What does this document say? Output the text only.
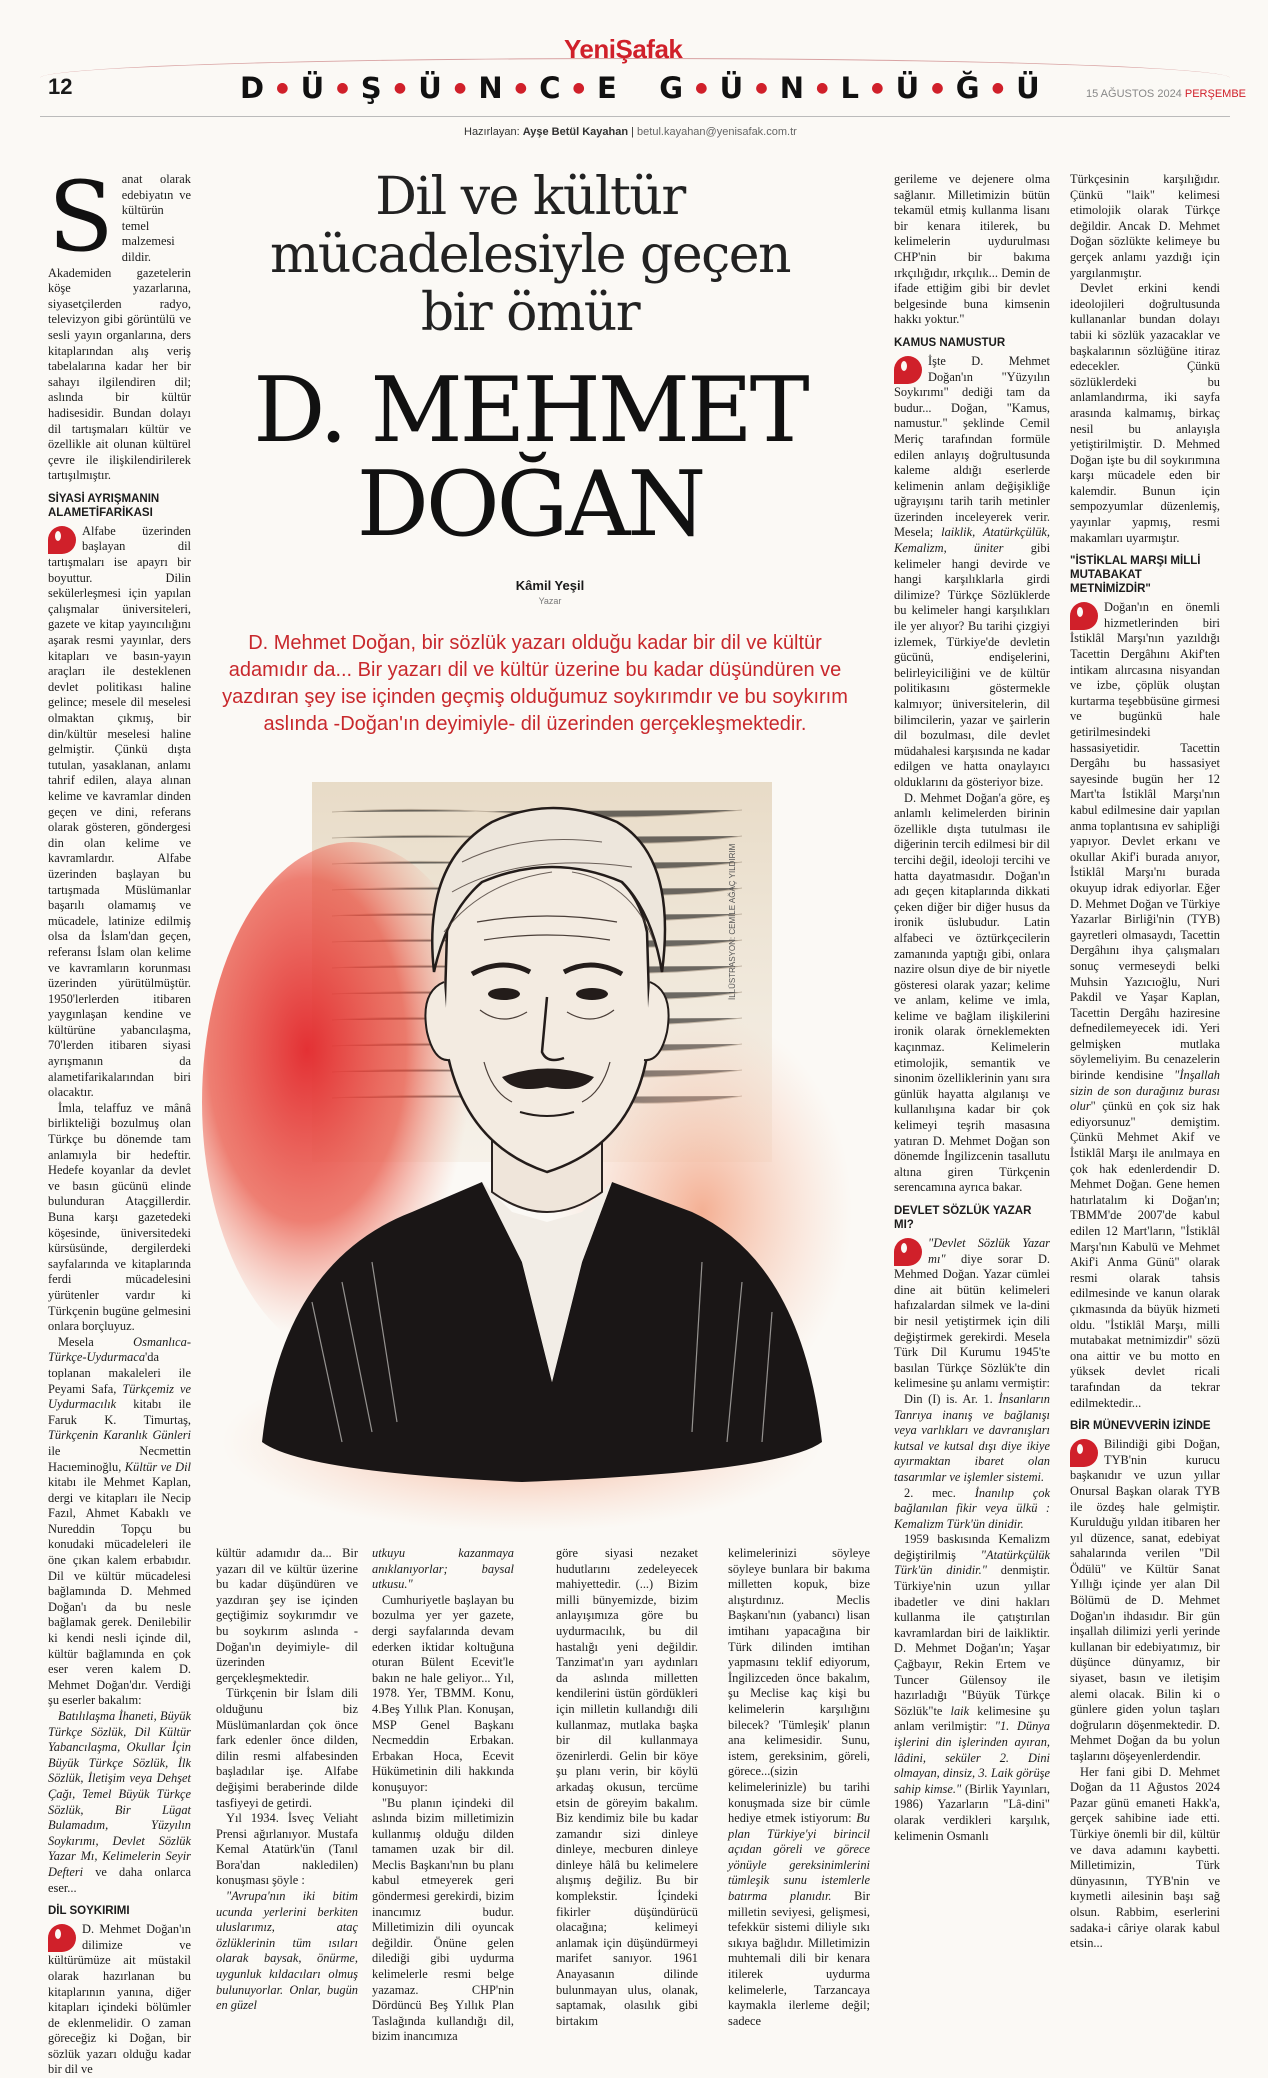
12
YeniŞafak
D ● Ü ● Ş ● Ü ● N ● C ● E G ● Ü ● N ● L ● Ü ● Ğ ● Ü	15 AĞUSTOS 2024 PERŞEMBE
Hazırlayan: Ayşe Betül Kayahan | betul.kayahan@yenisafak.com.tr
Dil ve kültür mücadelesiyle geçen bir ömür
D. MEHMET
DOĞAN
Kâmil Yeşil
Yazar
D. Mehmet Doğan, bir sözlük yazarı olduğu kadar bir dil ve kültür adamıdır da... Bir yazarı dil ve kültür üzerine bu kadar düşündüren ve yazdıran şey ise içinden geçmiş olduğumuz soykırımdır ve bu soykırım aslında -Doğan'ın deyimiyle- dil üzerinden gerçekleşmektedir.
İLLÜSTRASYON: CEMİLE AĞAÇ YILDIRIM

Sanat olarak edebiyatın ve kültürün temel malzemesi dildir. Akademiden gazetelerin köşe yazarlarına, siyasetçilerden radyo, televizyon gibi görüntülü ve sesli yayın organlarına, ders kitaplarından alış veriş tabelalarına kadar her bir sahayı ilgilendiren dil; aslında bir kültür hadisesidir. Bundan dolayı dil tartışmaları kültür ve özellikle ait olunan kültürel çevre ile ilişkilendirilerek tartışılmıştır.

SİYASİ AYRIŞMANIN ALAMETİFARİKASI

Alfabe üzerinden başlayan dil tartışmaları ise apayrı bir boyuttur. Dilin sekülerleşmesi için yapılan çalışmalar üniversiteleri, gazete ve kitap yayıncılığını aşarak resmi yayınlar, ders kitapları ve basın-yayın araçları ile desteklenen devlet politikası haline gelince; mesele dil meselesi olmaktan çıkmış, bir din/kültür meselesi haline gelmiştir. Çünkü dışta tutulan, yasaklanan, anlamı tahrif edilen, alaya alınan kelime ve kavramlar dinden geçen ve dini, referans olarak gösteren, göndergesi din olan kelime ve kavramlardır. Alfabe üzerinden başlayan bu tartışmada Müslümanlar başarılı olamamış ve mücadele, latinize edilmiş olsa da İslam'dan geçen, referansı İslam olan kelime ve kavramların korunması üzerinden yürütülmüştür. 1950'lerlerden itibaren yaygınlaşan kendine ve kültürüne yabancılaşma, 70'lerden itibaren siyasi ayrışmanın da alametifarikalarından biri olacaktır.

İmla, telaffuz ve mânâ birlikteliği bozulmuş olan Türkçe bu dönemde tam anlamıyla bir hedeftir. Hedefe koyanlar da devlet ve basın gücünü elinde bulunduran Ataçgillerdir. Buna karşı gazetedeki köşesinde, üniversitedeki kürsüsünde, dergilerdeki sayfalarında ve kitaplarında ferdi mücadelesini yürütenler vardır ki Türkçenin bugüne gelmesini onlara borçluyuz.

Mesela Osmanlıca-Türkçe-Uydurmaca'da toplanan makaleleri ile Peyami Safa, Türkçemiz ve Uydurmacılık kitabı ile Faruk K. Timurtaş, Türkçenin Karanlık Günleri ile Necmettin Hacıeminoğlu, Kültür ve Dil kitabı ile Mehmet Kaplan, dergi ve kitapları ile Necip Fazıl, Ahmet Kabaklı ve Nureddin Topçu bu konudaki mücadeleleri ile öne çıkan kalem erbabıdır. Dil ve kültür mücadelesi bağlamında D. Mehmed Doğan'ı da bu nesle bağlamak gerek. Denilebilir ki kendi nesli içinde dil, kültür bağlamında en çok eser veren kalem D. Mehmet Doğan'dır. Verdiği şu eserler bakalım:

Batılılaşma İhaneti, Büyük Türkçe Sözlük, Dil Kültür Yabancılaşma, Okullar İçin Büyük Türkçe Sözlük, İlk Sözlük, İletişim veya Dehşet Çağı, Temel Büyük Türkçe Sözlük, Bir Lügat Bulamadım, Yüzyılın Soykırımı, Devlet Sözlük Yazar Mı, Kelimelerin Seyir Defteri ve daha onlarca eser...

DİL SOYKIRIMI

D. Mehmet Doğan'ın dilimize ve kültürümüze ait müstakil olarak hazırlanan bu kitaplarının yanına, diğer kitapları içindeki bölümler de eklenmelidir. O zaman göreceğiz ki Doğan, bir sözlük yazarı olduğu kadar bir dil ve

kültür adamıdır da... Bir yazarı dil ve kültür üzerine bu kadar düşündüren ve yazdıran şey ise içinden geçtiğimiz soykırımdır ve bu soykırım aslında -Doğan'ın deyimiyle- dil üzerinden gerçekleşmektedir.

Türkçenin bir İslam dili olduğunu biz Müslümanlardan çok önce fark edenler önce dilden, dilin resmi alfabesinden başladılar işe. Alfabe değişimi beraberinde dilde tasfiyeyi de getirdi.

Yıl 1934. İsveç Veliaht Prensi ağırlanıyor. Mustafa Kemal Atatürk'ün (Tanıl Bora'dan nakledilen) konuşması şöyle :

"Avrupa'nın iki bitim ucunda yerlerini berkiten uluslarımız, ataç özlüklerinin tüm ısıları olarak baysak, önürme, uygunluk kıldacıları olmuş bulunuyorlar. Onlar, bugün en güzel

utkuyu kazanmaya anıklanıyorlar; baysal utkusu."

Cumhuriyetle başlayan bu bozulma yer yer gazete, dergi sayfalarında devam ederken iktidar koltuğuna oturan Bülent Ecevit'le bakın ne hale geliyor... Yıl, 1978. Yer, TBMM. Konu, 4.Beş Yıllık Plan. Konuşan, MSP Genel Başkanı Necmeddin Erbakan. Erbakan Hoca, Ecevit Hükümetinin dili hakkında konuşuyor:

"Bu planın içindeki dil aslında bizim milletimizin kullanmış olduğu dilden tamamen uzak bir dil. Meclis Başkanı'nın bu planı kabul etmeyerek geri göndermesi gerekirdi, bizim inancımız budur. Milletimizin dili oyuncak değildir. Önüne gelen dilediği gibi uydurma kelimelerle resmi belge yazamaz. CHP'nin Dördüncü Beş Yıllık Plan Taslağında kullandığı dil, bizim inancımıza

göre siyasi nezaket hudutlarını zedeleyecek mahiyettedir. (...) Bizim milli bünyemizde, bizim anlayışımıza göre bu uydurmacılık, bu dil hastalığı yeni değildir. Tanzimat'ın yarı aydınları da aslında milletten kendilerini üstün gördükleri için milletin kullandığı dili kullanmaz, mutlaka başka bir dil kullanmaya özenirlerdi. Gelin bir köye şu planı verin, bir köylü arkadaş okusun, tercüme etsin de göreyim bakalım. Biz kendimiz bile bu kadar zamandır sizi dinleye dinleye, mecburen dinleye dinleye hâlâ bu kelimelere alışmış değiliz. Bu bir komplekstir. İçindeki fikirler düşündürücü olacağına; kelimeyi anlamak için düşündürmeyi marifet sanıyor. 1961 Anayasanın dilinde bulunmayan ulus, olanak, saptamak, olasılık gibi birtakım

kelimelerinizi söyleye söyleye bunlara bir bakıma milletten kopuk, bize alıştırdınız. Meclis Başkanı'nın (yabancı) lisan imtihanı yapacağına bir Türk dilinden imtihan yapmasını teklif ediyorum, İngilizceden önce bakalım, şu Meclise kaç kişi bu kelimelerin karşılığını bilecek? 'Tümleşik' planın ana kelimesidir. Sunu, istem, gereksinim, göreli, görece...(sizin kelimelerinizle) bu tarihi konuşmada size bir cümle hediye etmek istiyorum: Bu plan Türkiye'yi birincil açıdan göreli ve görece yönüyle gereksinimlerini tümleşik sunu istemlerle batırma planıdır. Bir milletin seviyesi, gelişmesi, tefekkür sistemi diliyle sıkı sıkıya bağlıdır. Milletimizin muhtemali dili bir kenara itilerek uydurma kelimelerle, Tarzancaya kaymakla ilerleme değil; sadece

gerileme ve dejenere olma sağlanır. Milletimizin bütün tekamül etmiş kullanma lisanı bir kenara itilerek, bu kelimelerin uydurulması CHP'nin bir bakıma ırkçılığıdır, ırkçılık... Demin de ifade ettiğim gibi bir devlet belgesinde buna kimsenin hakkı yoktur."

KAMUS NAMUSTUR

İşte D. Mehmet Doğan'ın "Yüzyılın Soykırımı" dediği tam da budur... Doğan, "Kamus, namustur." şeklinde Cemil Meriç tarafından formüle edilen anlayış doğrultusunda kaleme aldığı eserlerde kelimenin anlam değişikliğe uğrayışını tarih tarih metinler üzerinden inceleyerek verir. Mesela; laiklik, Atatürkçülük, Kemalizm, üniter gibi kelimeler hangi devirde ve hangi karşılıklarla girdi dilimize? Türkçe Sözlüklerde bu kelimeler hangi karşılıkları ile yer alıyor? Bu tarihi çizgiyi izlemek, Türkiye'de devletin gücünü, endişelerini, belirleyiciliğini ve de kültür politikasını göstermekle kalmıyor; üniversitelerin, dil bilimcilerin, yazar ve şairlerin dil bozulması, dile devlet müdahalesi karşısında ne kadar edilgen ve hatta onaylayıcı olduklarını da gösteriyor bize.

D. Mehmet Doğan'a göre, eş anlamlı kelimelerden birinin özellikle dışta tutulması ile diğerinin tercih edilmesi bir dil tercihi değil, ideoloji tercihi ve hatta dayatmasıdır. Doğan'ın adı geçen kitaplarında dikkati çeken diğer bir diğer husus da ironik üslubudur. Latin alfabeci ve öztürkçecilerin zamanında yaptığı gibi, onlara nazire olsun diye de bir niyetle gösteresi olarak yazar; kelime ve anlam, kelime ve imla, kelime ve bağlam ilişkilerini ironik olarak örneklemekten kaçınmaz. Kelimelerin etimolojik, semantik ve sinonim özelliklerinin yanı sıra günlük hayatta algılanışı ve kullanılışına kadar bir çok kelimeyi teşrih masasına yatıran D. Mehmet Doğan son dönemde İngilizcenin tasallutu altına giren Türkçenin serencamına ayrıca bakar.

DEVLET SÖZLÜK YAZAR MI?

"Devlet Sözlük Yazar mı" diye sorar D. Mehmed Doğan. Yazar cümlei dine ait bütün kelimeleri hafızalardan silmek ve la-dini bir nesil yetiştirmek için dili değiştirmek gerekirdi. Mesela Türk Dil Kurumu 1945'te basılan Türkçe Sözlük'te din kelimesine şu anlamı vermiştir:

Din (I) is. Ar. 1. İnsanların Tanrıya inanış ve bağlanışı veya varlıkları ve davranışları kutsal ve kutsal dışı diye ikiye ayırmaktan ibaret olan tasarımlar ve işlemler sistemi.

2. mec. İnanılıp çok bağlanılan fikir veya ülkü : Kemalizm Türk'ün dinidir.

1959 baskısında Kemalizm değiştirilmiş "Atatürkçülük Türk'ün dinidir." denmiştir. Türkiye'nin uzun yıllar ibadetler ve dini hakları kullanma ile çatıştırılan kavramlardan biri de laikliktir. D. Mehmet Doğan'ın; Yaşar Çağbayır, Rekin Ertem ve Tuncer Gülensoy ile hazırladığı "Büyük Türkçe Sözlük"te laik kelimesine şu anlam verilmiştir: "1. Dünya işlerini din işlerinden ayıran, lâdini, seküler 2. Dini olmayan, dinsiz, 3. Laik görüşe sahip kimse." (Birlik Yayınları, 1986) Yazarların "Lâ-dini" olarak verdikleri karşılık, kelimenin Osmanlı

Türkçesinin karşılığıdır. Çünkü "laik" kelimesi etimolojik olarak Türkçe değildir. Ancak D. Mehmet Doğan sözlükte kelimeye bu gerçek anlamı yazdığı için yargılanmıştır.

Devlet erkini kendi ideolojileri doğrultusunda kullananlar bundan dolayı tabii ki sözlük yazacaklar ve başkalarının sözlüğüne itiraz edecekler. Çünkü sözlüklerdeki bu anlamlandırma, iki sayfa arasında kalmamış, birkaç nesil bu anlayışla yetiştirilmiştir. D. Mehmed Doğan işte bu dil soykırımına karşı mücadele eden bir kalemdir. Bunun için sempozyumlar düzenlemiş, yayınlar yapmış, resmi makamları uyarmıştır.

"İSTİKLAL MARŞI MİLLİ MUTABAKAT METNİMİZDİR"

Doğan'ın en önemli hizmetlerinden biri İstiklâl Marşı'nın yazıldığı Tacettin Dergâhını Akif'ten intikam alırcasına nisyandan ve izbe, çöplük oluştan kurtarma teşebbüsüne girmesi ve bugünkü hale getirilmesindeki hassasiyetidir. Tacettin Dergâhı bu hassasiyet sayesinde bugün her 12 Mart'ta İstiklâl Marşı'nın kabul edilmesine dair yapılan anma toplantısına ev sahipliği yapıyor. Devlet erkanı ve okullar Akif'i burada anıyor, İstiklâl Marşı'nı burada okuyup idrak ediyorlar. Eğer D. Mehmet Doğan ve Türkiye Yazarlar Birliği'nin (TYB) gayretleri olmasaydı, Tacettin Dergâhını ihya çalışmaları sonuç vermeseydi belki Muhsin Yazıcıoğlu, Nuri Pakdil ve Yaşar Kaplan, Tacettin Dergâhı haziresine defnedilemeyecek idi. Yeri gelmişken mutlaka söylemeliyim. Bu cenazelerin birinde kendisine "İnşallah sizin de son durağınız burası olur" çünkü en çok siz hak ediyorsunuz" demiştim. Çünkü Mehmet Akif ve İstiklâl Marşı ile anılmaya en çok hak edenlerdendir D. Mehmet Doğan. Gene hemen hatırlatalım ki Doğan'ın; TBMM'de 2007'de kabul edilen 12 Mart'ların, "İstiklâl Marşı'nın Kabulü ve Mehmet Akif'i Anma Günü" olarak resmi olarak tahsis edilmesinde ve kanun olarak çıkmasında da büyük hizmeti oldu. "İstiklâl Marşı, milli mutabakat metnimizdir" sözü ona aittir ve bu motto en yüksek devlet ricali tarafından da tekrar edilmektedir...

BİR MÜNEVVERİN İZİNDE

Bilindiği gibi Doğan, TYB'nin kurucu başkanıdır ve uzun yıllar Onursal Başkan olarak TYB ile özdeş hale gelmiştir. Kurulduğu yıldan itibaren her yıl düzence, sanat, edebiyat sahalarında verilen "Dil Ödülü" ve Kültür Sanat Yıllığı içinde yer alan Dil Bölümü de D. Mehmet Doğan'ın ihdasıdır. Bir gün inşallah dilimizi yerli yerinde kullanan bir edebiyatımız, bir düşünce dünyamız, bir siyaset, basın ve iletişim alemi olacak. Bilin ki o günlere giden yolun taşları doğruların döşenmektedir. D. Mehmet Doğan da bu yolun taşlarını döşeyenlerdendir.

Her fani gibi D. Mehmet Doğan da 11 Ağustos 2024 Pazar günü emaneti Hakk'a, gerçek sahibine iade etti. Türkiye önemli bir dil, kültür ve dava adamını kaybetti. Milletimizin, Türk dünyasının, TYB'nin ve kıymetli ailesinin başı sağ olsun. Rabbim, eserlerini sadaka-i câriye olarak kabul etsin...
